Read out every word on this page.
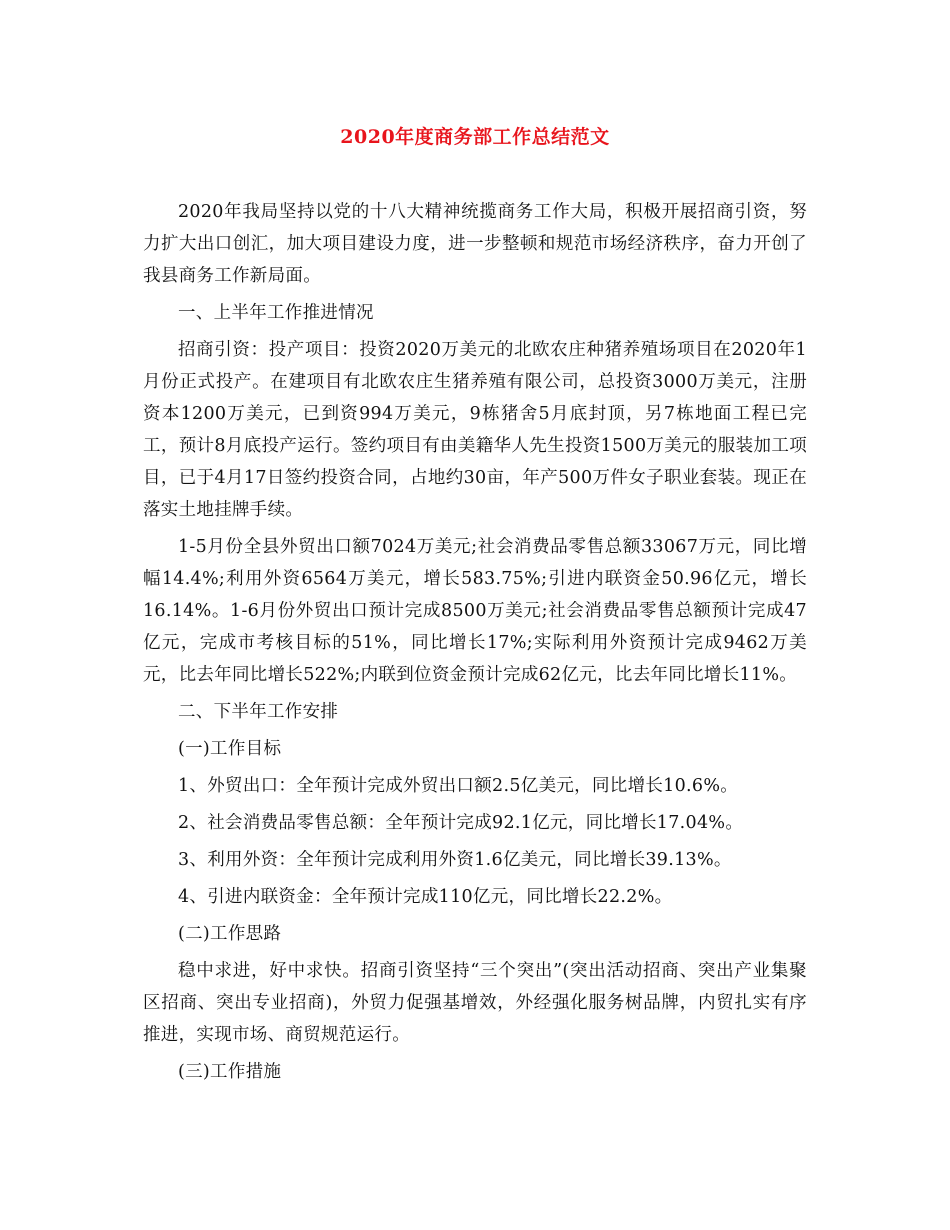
2020年度商务部工作总结范文

2020年我局坚持以党的十八大精神统揽商务工作大局，积极开展招商引资，努力扩大出口创汇，加大项目建设力度，进一步整顿和规范市场经济秩序，奋力开创了我县商务工作新局面。

一、上半年工作推进情况

招商引资：投产项目：投资2020万美元的北欧农庄种猪养殖场项目在2020年1月份正式投产。在建项目有北欧农庄生猪养殖有限公司，总投资3000万美元，注册资本1200万美元，已到资994万美元，9栋猪舍5月底封顶，另7栋地面工程已完工，预计8月底投产运行。签约项目有由美籍华人先生投资1500万美元的服装加工项目，已于4月17日签约投资合同，占地约30亩，年产500万件女子职业套装。现正在落实土地挂牌手续。

1-5月份全县外贸出口额7024万美元;社会消费品零售总额33067万元，同比增幅14.4%;利用外资6564万美元，增长583.75%;引进内联资金50.96亿元，增长16.14%。1-6月份外贸出口预计完成8500万美元;社会消费品零售总额预计完成47亿元，完成市考核目标的51%，同比增长17%;实际利用外资预计完成9462万美元，比去年同比增长522%;内联到位资金预计完成62亿元，比去年同比增长11%。

二、下半年工作安排

(一)工作目标

1、外贸出口：全年预计完成外贸出口额2.5亿美元，同比增长10.6%。

2、社会消费品零售总额：全年预计完成92.1亿元，同比增长17.04%。

3、利用外资：全年预计完成利用外资1.6亿美元，同比增长39.13%。

4、引进内联资金：全年预计完成110亿元，同比增长22.2%。

(二)工作思路

稳中求进，好中求快。招商引资坚持“三个突出”(突出活动招商、突出产业集聚区招商、突出专业招商)，外贸力促强基增效，外经强化服务树品牌，内贸扎实有序推进，实现市场、商贸规范运行。

(三)工作措施
